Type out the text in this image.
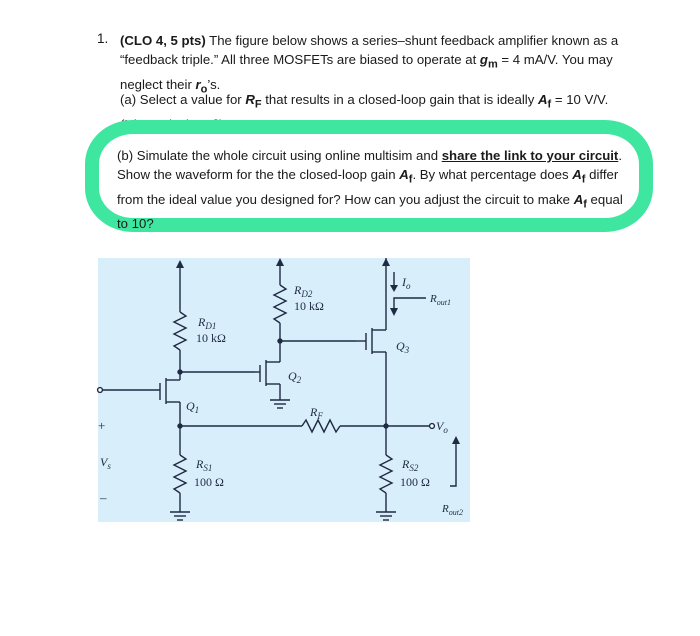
1. (CLO 4, 5 pts) The figure below shows a series–shunt feedback amplifier known as a “feedback triple.” All three MOSFETs are biased to operate at $g_m = 4$ mA/V. You may neglect their $r_o’s$.
(a) Select a value for $R_F$ that results in a closed-loop gain that is ideally $A_f = 10$ V/V. (Hint: calculate β)
(b) Simulate the whole circuit using online multisim and share the link to your circuit. Show the waveform for the the closed-loop gain $A_f$. By what percentage does $A_f$ differ from the ideal value you designed for? How can you adjust the circuit to make $A_f$ equal to 10?
$R_{D1}$
10 kΩ
$R_{D2}$
10 kΩ
$R_{S1}$
100 Ω
$R_{S2}$
100 Ω
$R_F$
$Q_1$
$Q_2$
$Q_3$
$I_o$
$V_o$
$V_s$
$R_{out1}$
$R_{out2}$
+
–
